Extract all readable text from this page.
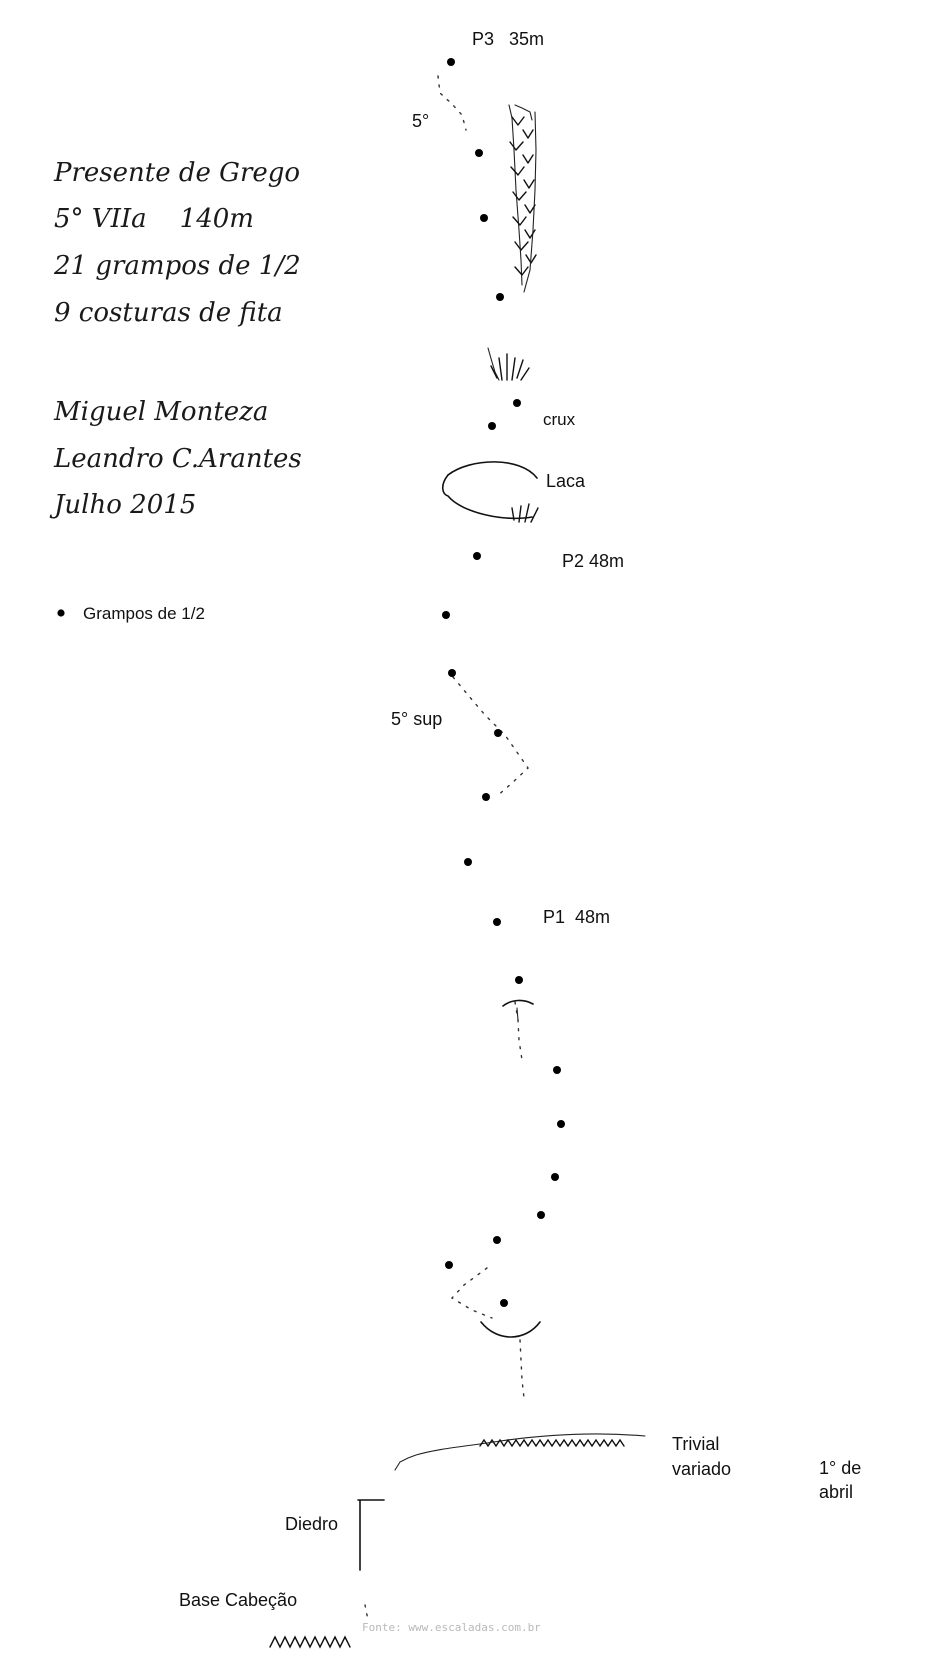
Presente de Grego
5° VIIa    140m
21 grampos de 1/2
9 costuras de fita
Miguel Monteza
Leandro C.Arantes
Julho 2015
Grampos de 1/2
P3   35m
5°
crux
Laca
P2 48m
5° sup
P1  48m
Trivial
variado	1° de
abril
Diedro
Base Cabeção
Fonte: www.escaladas.com.br
